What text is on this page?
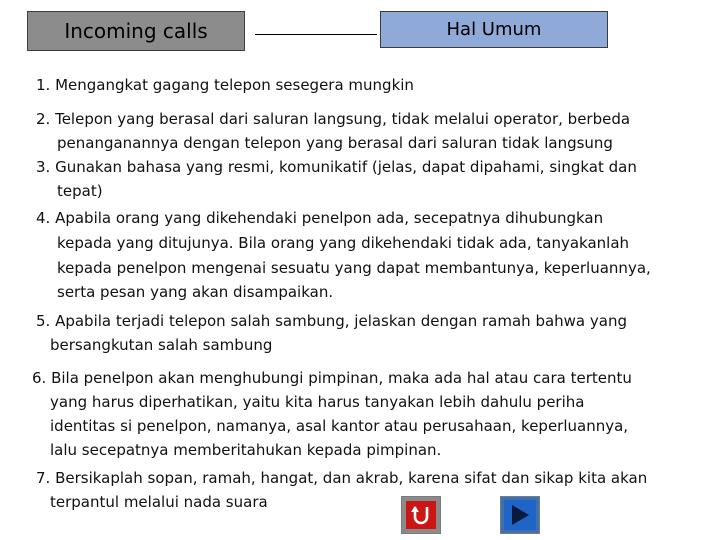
Incoming calls	Hal Umum
1. Mengangkat gagang telepon sesegera mungkin
2. Telepon yang berasal dari saluran langsung, tidak melalui operator, berbeda
penanganannya dengan telepon yang berasal dari saluran tidak langsung
3. Gunakan bahasa yang resmi, komunikatif (jelas, dapat dipahami, singkat dan
tepat)
4. Apabila orang yang dikehendaki penelpon ada, secepatnya dihubungkan
kepada yang ditujunya. Bila orang yang dikehendaki tidak ada, tanyakanlah
kepada penelpon mengenai sesuatu yang dapat membantunya, keperluannya,
serta pesan yang akan disampaikan.
5. Apabila terjadi telepon salah sambung, jelaskan dengan ramah bahwa yang
bersangkutan salah sambung
6. Bila penelpon akan menghubungi pimpinan, maka ada hal atau cara tertentu
yang harus diperhatikan, yaitu kita harus tanyakan lebih dahulu periha
identitas si penelpon, namanya, asal kantor atau perusahaan, keperluannya,
lalu secepatnya memberitahukan kepada pimpinan.
7. Bersikaplah sopan, ramah, hangat, dan akrab, karena sifat dan sikap kita akan
terpantul melalui nada suara
